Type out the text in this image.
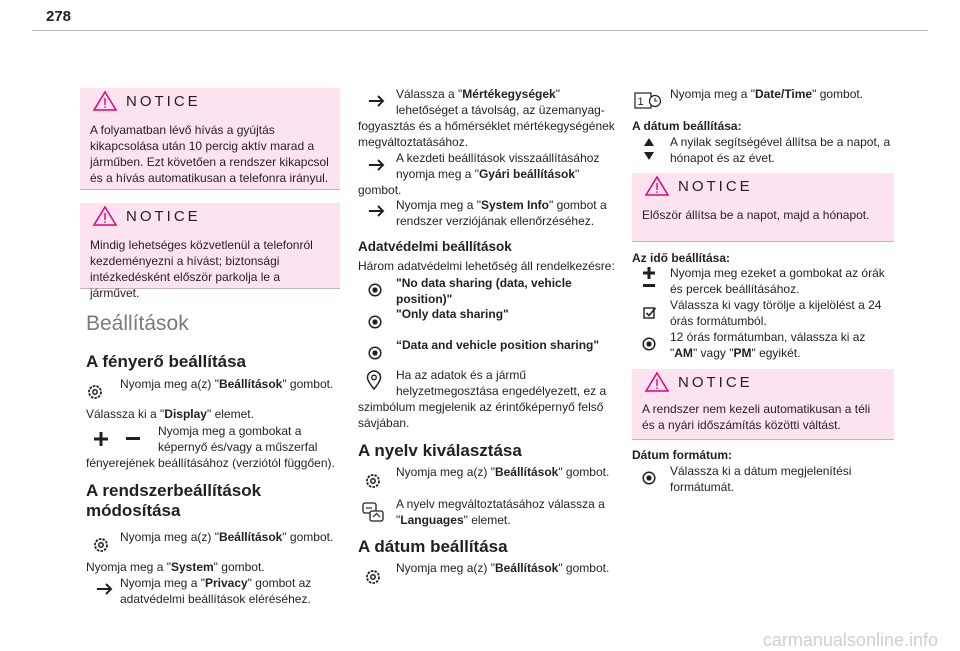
278
NOTICE
A folyamatban lévő hívás a gyújtás kikapcsolása után 10 percig aktív marad a járműben. Ezt követően a rendszer kikapcsol és a hívás automatikusan a telefonra irányul.
NOTICE
Mindig lehetséges közvetlenül a telefonról kezdeményezni a hívást; biztonsági intézkedésként először parkolja le a járművet.
Beállítások
A fényerő beállítása
Nyomja meg a(z) "Beállítások" gombot.
Válassza ki a "Display" elemet.
Nyomja meg a gombokat a
képernyő és/vagy a műszerfal
fényerejének beállításához (verziótól függően).
A rendszerbeállítások
módosítása
Nyomja meg a(z) "Beállítások" gombot.
Nyomja meg a "System" gombot.
Nyomja meg a "Privacy" gombot az
adatvédelmi beállítások eléréséhez.
Válassza a "Mértékegységek"
lehetőséget a távolság, az üzemanyag-
fogyasztás és a hőmérséklet mértékegységének
megváltoztatásához.
A kezdeti beállítások visszaállításához
nyomja meg a "Gyári beállítások"
gombot.
Nyomja meg a "System Info" gombot a
rendszer verziójának ellenőrzéséhez.
Adatvédelmi beállítások
Három adatvédelmi lehetőség áll rendelkezésre:
"No data sharing (data, vehicle
position)"
"Only data sharing"
“Data and vehicle position sharing"
Ha az adatok és a jármű
helyzetmegosztása engedélyezett, ez a
szimbólum megjelenik az érintőképernyő felső
sávjában.
A nyelv kiválasztása
Nyomja meg a(z) "Beállítások" gombot.
A nyelv megváltoztatásához válassza a
"Languages" elemet.
A dátum beállítása
Nyomja meg a(z) "Beállítások" gombot.
1
Nyomja meg a "Date/Time" gombot.
A dátum beállítása:
A nyilak segítségével állítsa be a napot, a
hónapot és az évet.
NOTICE
Először állítsa be a napot, majd a hónapot.
Az idő beállítása:
Nyomja meg ezeket a gombokat az órák
és percek beállításához.
Válassza ki vagy törölje a kijelölést a 24
órás formátumból.
12 órás formátumban, válassza ki az
"AM" vagy "PM" egyikét.
NOTICE
A rendszer nem kezeli automatikusan a téli és a nyári időszámítás közötti váltást.
Dátum formátum:
Válassza ki a dátum megjelenítési
formátumát.
carmanualsonline.info
